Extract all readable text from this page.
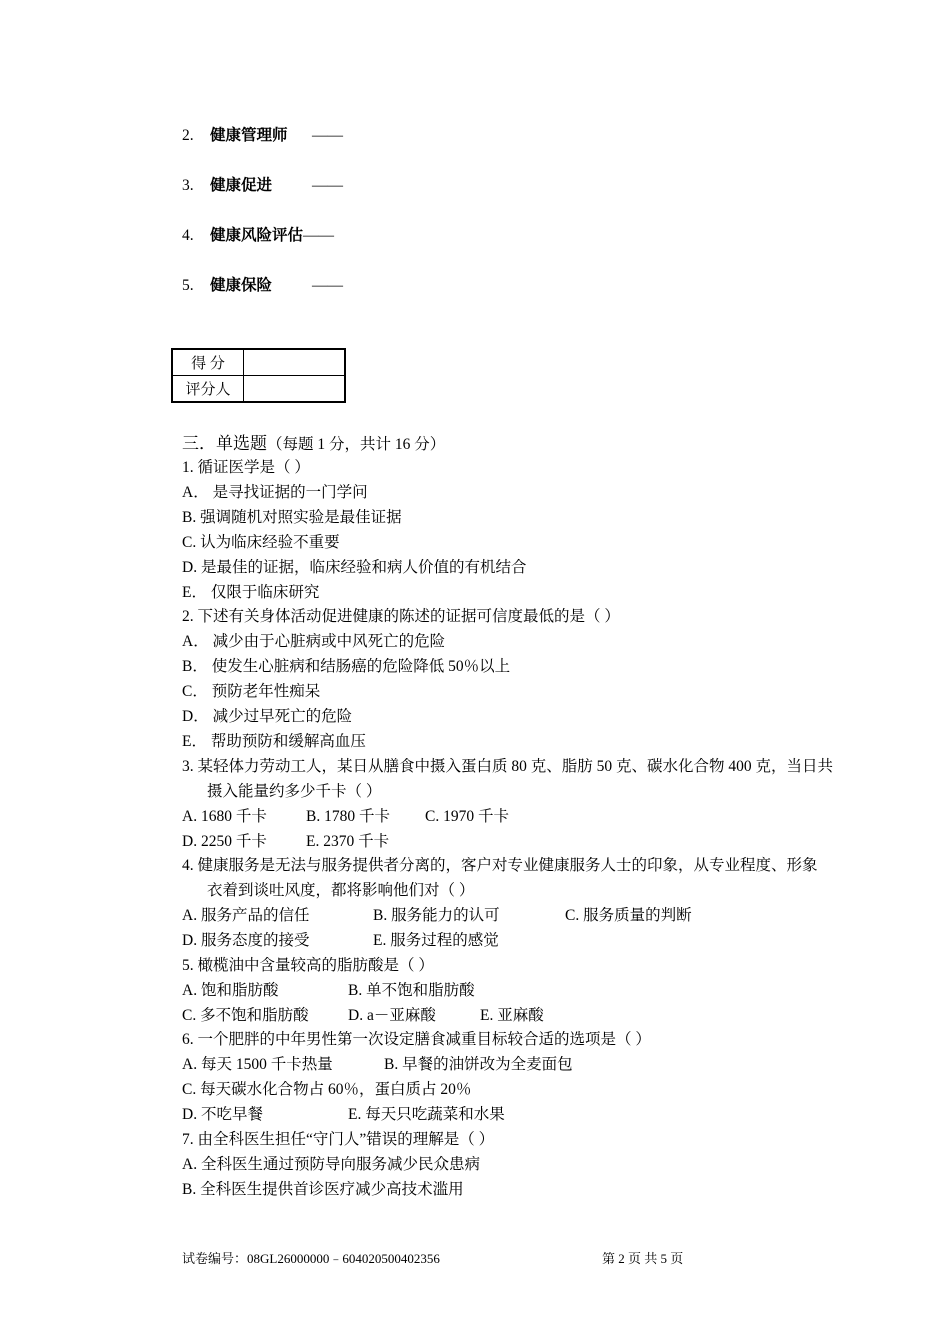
2. 健康管理师 ——
3. 健康促进	——
4. 健康风险评估——
5. 健康保险	——
得 分	
评分人	
三．单选题（每题 1 分，共计 16 分）
1. 循证医学是（ ）
A． 是寻找证据的一门学问
B. 强调随机对照实验是最佳证据
C. 认为临床经验不重要
D. 是最佳的证据，临床经验和病人价值的有机结合
E． 仅限于临床研究
2. 下述有关身体活动促进健康的陈述的证据可信度最低的是（ ）
A． 减少由于心脏病或中风死亡的危险
B． 使发生心脏病和结肠癌的危险降低 50％以上
C． 预防老年性痴呆
D． 减少过早死亡的危险
E． 帮助预防和缓解高血压
3. 某轻体力劳动工人，某日从膳食中摄入蛋白质 80 克、脂肪 50 克、碳水化合物 400 克，当日共
摄入能量约多少千卡（ ）
A. 1680 千卡	B. 1780 千卡 C. 1970 千卡
D. 2250 千卡	E. 2370 千卡
4. 健康服务是无法与服务提供者分离的，客户对专业健康服务人士的印象，从专业程度、形象
衣着到谈吐风度，都将影响他们对（ ）
A. 服务产品的信任	B. 服务能力的认可	C. 服务质量的判断
D. 服务态度的接受	E. 服务过程的感觉
5. 橄榄油中含量较高的脂肪酸是（ ）
A. 饱和脂肪酸	B. 单不饱和脂肪酸
C. 多不饱和脂肪酸	D. a－亚麻酸	E. 亚麻酸
6. 一个肥胖的中年男性第一次设定膳食减重目标较合适的选项是（ ）
A. 每天 1500 千卡热量	B. 早餐的油饼改为全麦面包
C. 每天碳水化合物占 60％，蛋白质占 20％
D. 不吃早餐	E. 每天只吃蔬菜和水果
7. 由全科医生担任“守门人”错误的理解是（ ）
A. 全科医生通过预防导向服务减少民众患病
B. 全科医生提供首诊医疗减少高技术滥用
试卷编号：08GL26000000﹣604020500402356	第 2 页 共 5 页
